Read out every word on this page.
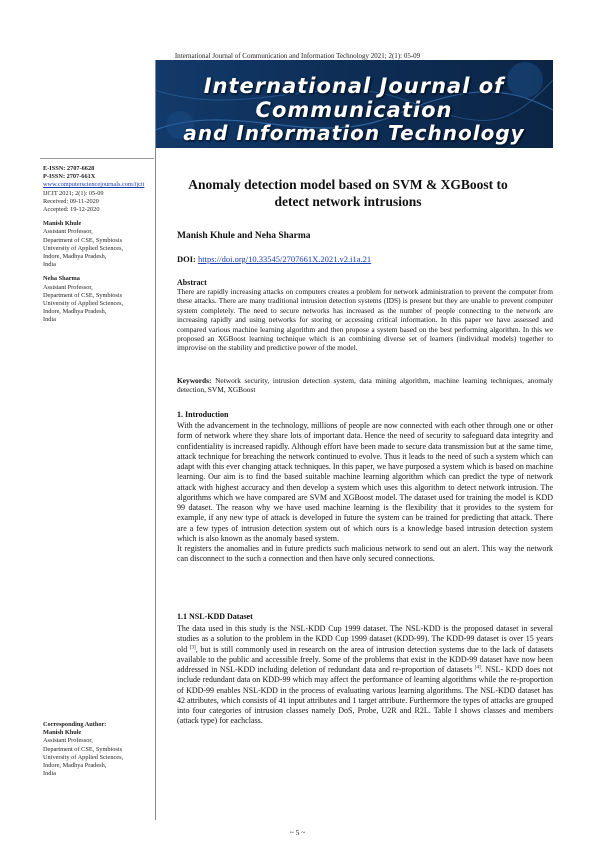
International Journal of Communication and Information Technology 2021; 2(1): 05-09
International Journal of
Communication
and Information Technology
E-ISSN: 2707-6628
P-ISSN: 2707-661X
www.computersciencejournals.com/ijcit
IJCIT 2021; 2(1): 05-09
Received: 09-11-2020
Accepted: 19-12-2020
Manish Khule
Assistant Professor,
Department of CSE, Symbiosis
University of Applied Sciences,
Indore, Madhya Pradesh,
India
Neha Sharma
Assistant Professor,
Department of CSE, Symbiosis
University of Applied Sciences,
Indore, Madhya Pradesh,
India
Corresponding Author:
Manish Khule
Assistant Professor,
Department of CSE, Symbiosis
University of Applied Sciences,
Indore, Madhya Pradesh,
India
Anomaly detection model based on SVM & XGBoost to detect network intrusions
Manish Khule and Neha Sharma
DOI: https://doi.org/10.33545/2707661X.2021.v2.i1a.21
Abstract
There are rapidly increasing attacks on computers creates a problem for network administration to prevent the computer from these attacks. There are many traditional intrusion detection systems (IDS) is present but they are unable to prevent computer system completely. The need to secure networks has increased as the number of people connecting to the network are increasing rapidly and using networks for storing or accessing critical information. In this paper we have assessed and compared various machine learning algorithm and then propose a system based on the best performing algorithm. In this we proposed an XGBoost learning technique which is an combining diverse set of learners (individual models) together to improvise on the stability and predictive power of the model.
Keywords: Network security, intrusion detection system, data mining algorithm, machine learning techniques, anomaly detection, SVM, XGBoost
1. Introduction

With the advancement in the technology, millions of people are now connected with each other through one or other form of network where they share lots of important data. Hence the need of security to safeguard data integrity and confidentiality is increased rapidly. Although effort have been made to secure data transmission but at the same time, attack technique for breaching the network continued to evolve. Thus it leads to the need of such a system which can adapt with this ever changing attack techniques. In this paper, we have purposed a system which is based on machine learning. Our aim is to find the based suitable machine learning algorithm which can predict the type of network attack with highest accuracy and then develop a system which uses this algorithm to detect network intrusion. The algorithms which we have compared are SVM and XGBoost model. The dataset used for training the model is KDD 99 dataset. The reason why we have used machine learning is the flexibility that it provides to the system for example, if any new type of attack is developed in future the system can be trained for predicting that attack. There are a few types of intrusion detection system out of which ours is a knowledge based intrusion detection system which is also known as the anomaly based system.

It registers the anomalies and in future predicts such malicious network to send out an alert. This way the network can disconnect to the such a connection and then have only secured connections.

1.1 NSL-KDD Dataset
The data used in this study is the NSL-KDD Cup 1999 dataset. The NSL-KDD is the proposed dataset in several studies as a solution to the problem in the KDD Cup 1999 dataset (KDD-99). The KDD-99 dataset is over 15 years old [3], but is still commonly used in research on the area of intrusion detection systems due to the lack of datasets available to the public and accessible freely. Some of the problems that exist in the KDD-99 dataset have now been addressed in NSL-KDD including deletion of redundant data and re-proportion of datasets [4]. NSL- KDD does not include redundant data on KDD-99 which may affect the performance of learning algorithms while the re-proportion of KDD-99 enables NSL-KDD in the process of evaluating various learning algorithms. The NSL-KDD dataset has 42 attributes, which consists of 41 input attributes and 1 target attribute. Furthermore the types of attacks are grouped into four categories of intrusion classes namely DoS, Probe, U2R and R2L. Table I shows classes and members (attack type) for eachclass.
~ 5 ~
